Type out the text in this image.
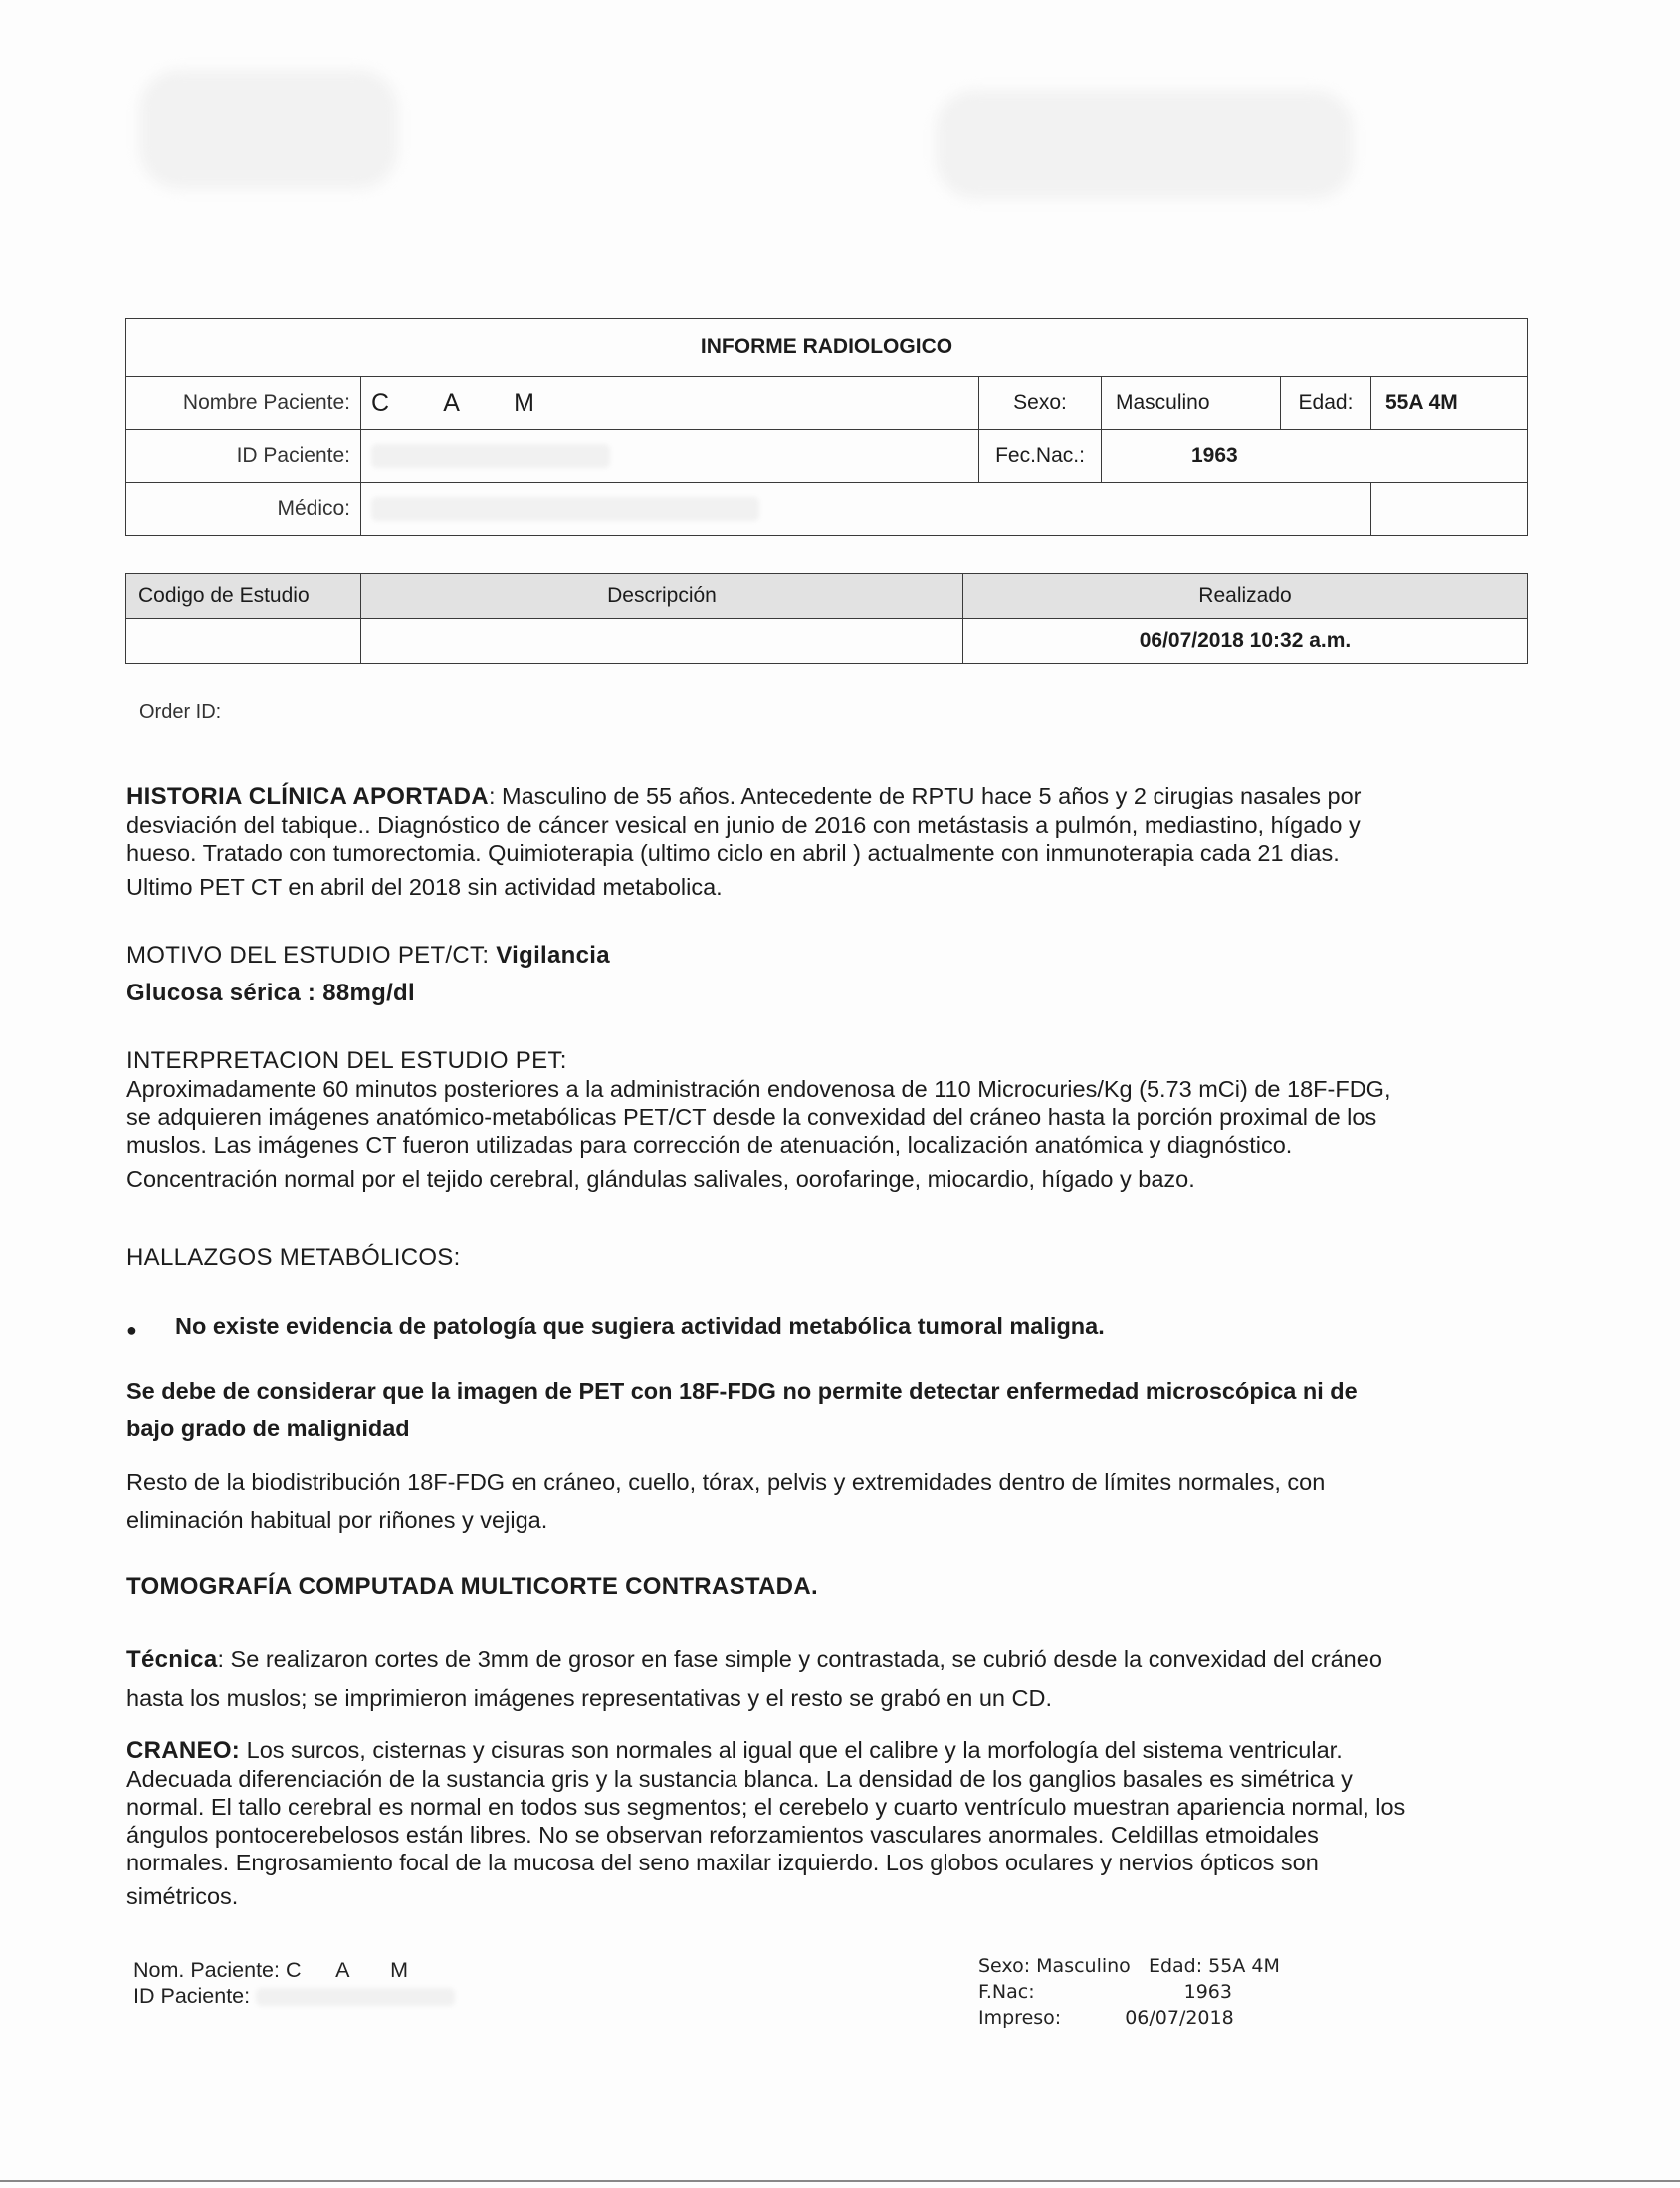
INFORME RADIOLOGICO					
Nombre Paciente:	C        A        M	Sexo:	Masculino	Edad:	55A 4M
ID Paciente:		Fec.Nac.:	1963		
Médico:					
Codigo de Estudio	Descripción	Realizado
		06/07/2018 10:32 a.m.
Order ID:
HISTORIA CLÍNICA APORTADA: Masculino de 55 años. Antecedente de RPTU hace 5 años y 2 cirugias nasales por
desviación del tabique.. Diagnóstico de cáncer vesical en junio de 2016 con metástasis a pulmón, mediastino, hígado y
hueso. Tratado con tumorectomia. Quimioterapia (ultimo ciclo en abril ) actualmente con inmunoterapia cada 21 dias.
Ultimo PET CT en abril del 2018 sin actividad metabolica.
MOTIVO DEL ESTUDIO PET/CT: Vigilancia
Glucosa sérica : 88mg/dl
INTERPRETACION DEL ESTUDIO PET:
Aproximadamente 60 minutos posteriores a la administración endovenosa de 110 Microcuries/Kg (5.73 mCi) de 18F-FDG,
se adquieren imágenes anatómico-metabólicas PET/CT desde la convexidad del cráneo hasta la porción proximal de los
muslos. Las imágenes CT fueron utilizadas para corrección de atenuación, localización anatómica y diagnóstico.
Concentración normal por el tejido cerebral, glándulas salivales, oorofaringe, miocardio, hígado y bazo.
HALLAZGOS METABÓLICOS:
● No existe evidencia de patología que sugiera actividad metabólica tumoral maligna.
Se debe de considerar que la imagen de PET con 18F-FDG no permite detectar enfermedad microscópica ni de
bajo grado de malignidad
Resto de la biodistribución 18F-FDG en cráneo, cuello, tórax, pelvis y extremidades dentro de límites normales, con
eliminación habitual por riñones y vejiga.
TOMOGRAFÍA COMPUTADA MULTICORTE CONTRASTADA.
Técnica: Se realizaron cortes de 3mm de grosor en fase simple y contrastada, se cubrió desde la convexidad del cráneo
hasta los muslos; se imprimieron imágenes representativas y el resto se grabó en un CD.
CRANEO: Los surcos, cisternas y cisuras son normales al igual que el calibre y la morfología del sistema ventricular.
Adecuada diferenciación de la sustancia gris y la sustancia blanca. La densidad de los ganglios basales es simétrica y
normal. El tallo cerebral es normal en todos sus segmentos; el cerebelo y cuarto ventrículo muestran apariencia normal, los
ángulos pontocerebelosos están libres. No se observan reforzamientos vasculares anormales. Celdillas etmoidales
normales. Engrosamiento focal de la mucosa del seno maxilar izquierdo. Los globos oculares y nervios ópticos son
simétricos.
Nom. Paciente: C      A       M
ID Paciente:
Sexo: Masculino Edad: 55A 4M
F.Nac:	1963
Impreso:	06/07/2018
